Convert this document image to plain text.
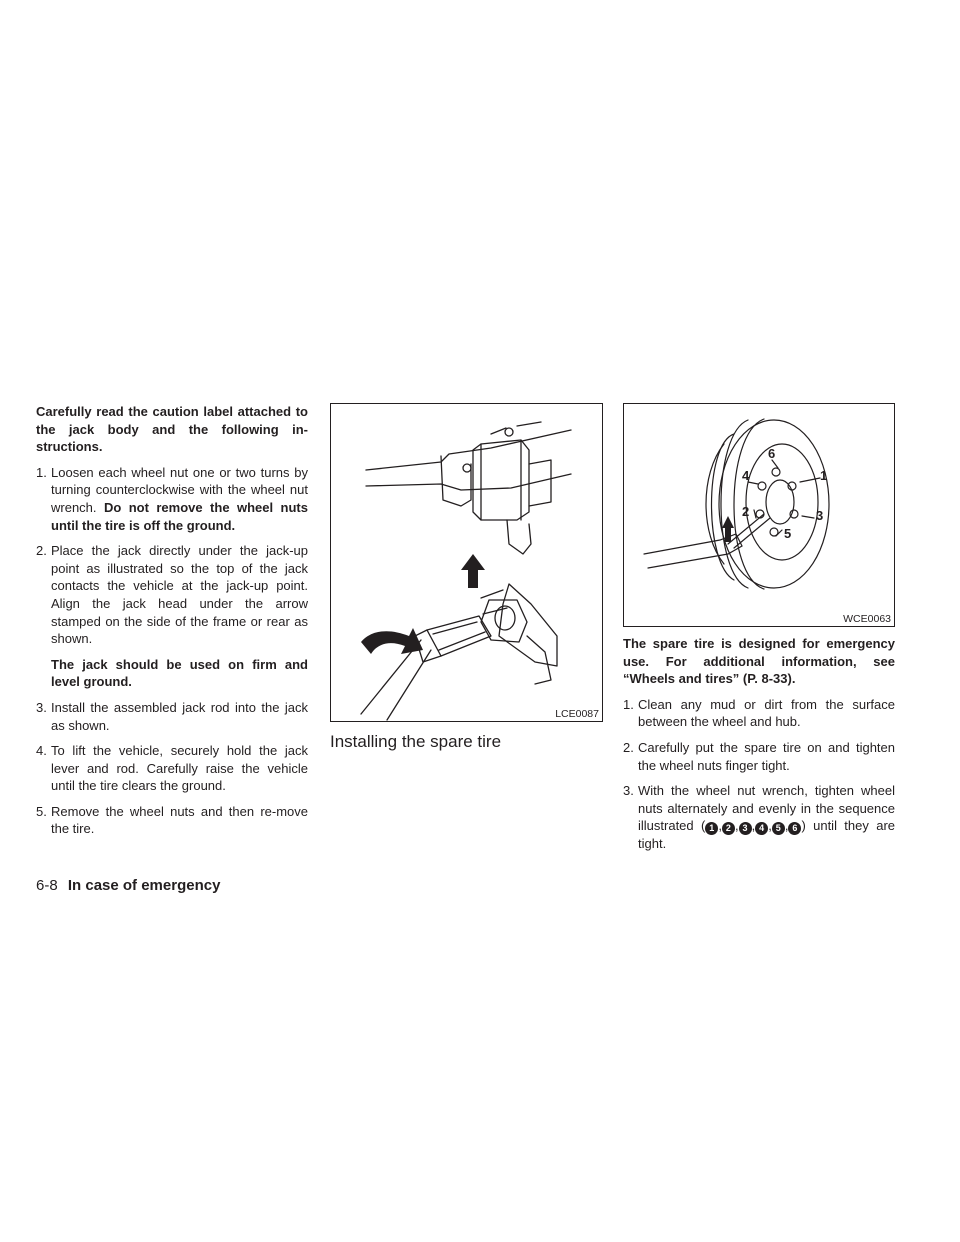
Carefully read the caution label attached to the jack body and the following in-structions.

1. Loosen each wheel nut one or two turns by turning counterclockwise with the wheel nut wrench. Do not remove the wheel nuts until the tire is off the ground.
2. Place the jack directly under the jack-up point as illustrated so the top of the jack contacts the vehicle at the jack-up point. Align the jack head under the arrow stamped on the side of the frame or rear as shown.
The jack should be used on firm and level ground.
3. Install the assembled jack rod into the jack as shown.
4. To lift the vehicle, securely hold the jack lever and rod. Carefully raise the vehicle until the tire clears the ground.
5. Remove the wheel nuts and then re-move the tire.
LCE0087
Installing the spare tire
1
2	3
4
5
6
WCE0063

The spare tire is designed for emergency use. For additional information, see “Wheels and tires” (P. 8-33).

1. Clean any mud or dirt from the surface between the wheel and hub.
2. Carefully put the spare tire on and tighten the wheel nuts finger tight.
3. With the wheel nut wrench, tighten wheel nuts alternately and evenly in the sequence illustrated ( 1 , 2 , 3 , 4 , 5 , 6 ) until they are tight.
6-8 In case of emergency
